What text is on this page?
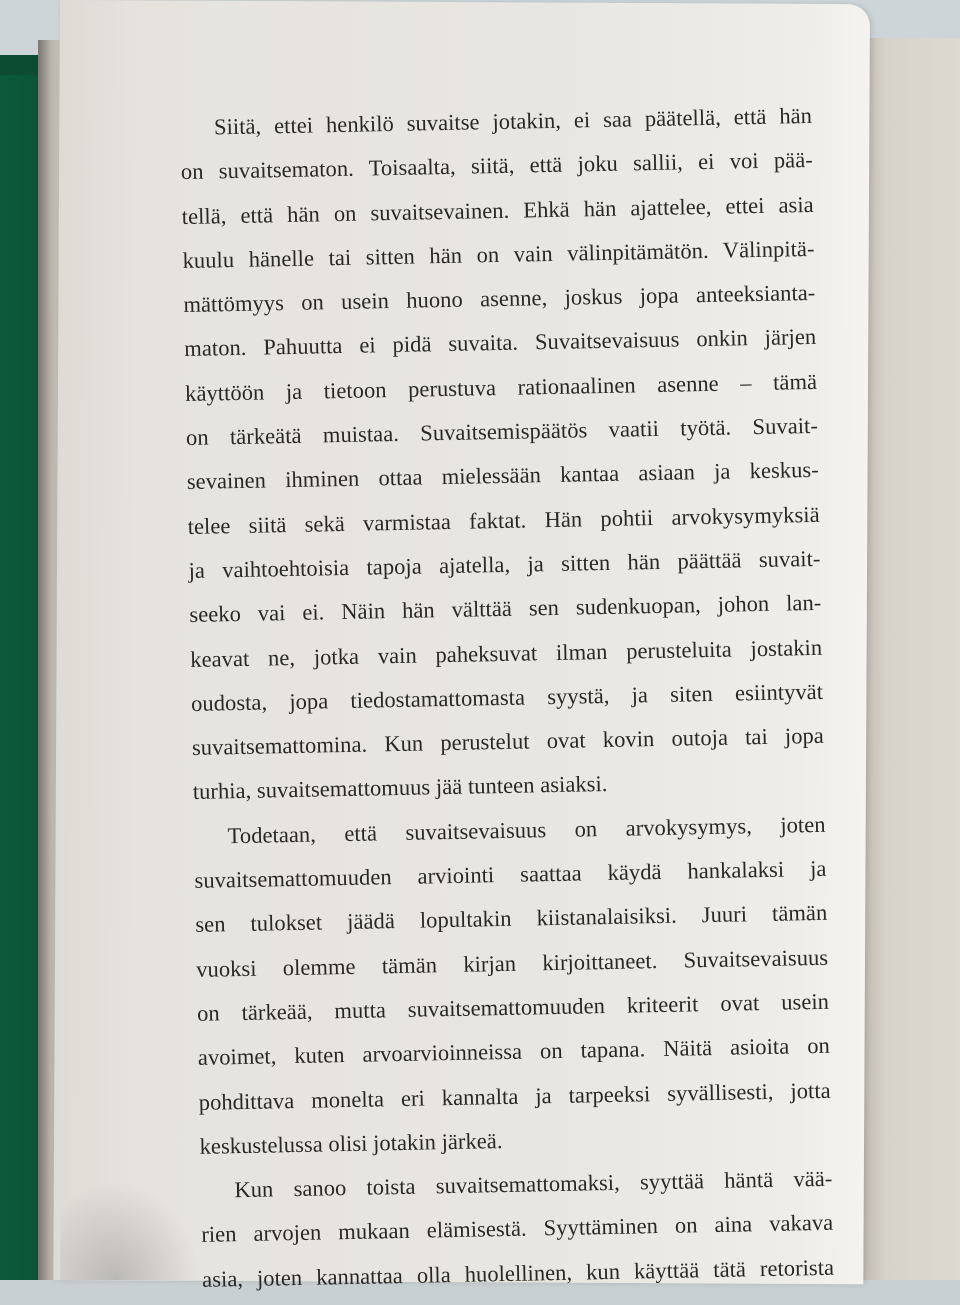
Siitä, ettei henkilö suvaitse jotakin, ei saa päätellä, että hän
on suvaitsematon. Toisaalta, siitä, että joku sallii, ei voi pää-
tellä, että hän on suvaitsevainen. Ehkä hän ajattelee, ettei asia
kuulu hänelle tai sitten hän on vain välinpitämätön. Välinpitä-
mättömyys on usein huono asenne, joskus jopa anteeksianta-
maton. Pahuutta ei pidä suvaita. Suvaitsevaisuus onkin järjen
käyttöön ja tietoon perustuva rationaalinen asenne – tämä
on tärkeätä muistaa. Suvaitsemispäätös vaatii työtä. Suvait-
sevainen ihminen ottaa mielessään kantaa asiaan ja keskus-
telee siitä sekä varmistaa faktat. Hän pohtii arvokysymyksiä
ja vaihtoehtoisia tapoja ajatella, ja sitten hän päättää suvait-
seeko vai ei. Näin hän välttää sen sudenkuopan, johon lan-
keavat ne, jotka vain paheksuvat ilman perusteluita jostakin
oudosta, jopa tiedostamattomasta syystä, ja siten esiintyvät
suvaitsemattomina. Kun perustelut ovat kovin outoja tai jopa
turhia, suvaitsemattomuus jää tunteen asiaksi.
Todetaan, että suvaitsevaisuus on arvokysymys, joten
suvaitsemattomuuden arviointi saattaa käydä hankalaksi ja
sen tulokset jäädä lopultakin kiistanalaisiksi. Juuri tämän
vuoksi olemme tämän kirjan kirjoittaneet. Suvaitsevaisuus
on tärkeää, mutta suvaitsemattomuuden kriteerit ovat usein
avoimet, kuten arvoarvioinneissa on tapana. Näitä asioita on
pohdittava monelta eri kannalta ja tarpeeksi syvällisesti, jotta
keskustelussa olisi jotakin järkeä.
Kun sanoo toista suvaitsemattomaksi, syyttää häntä vää-
rien arvojen mukaan elämisestä. Syyttäminen on aina vakava
asia, joten kannattaa olla huolellinen, kun käyttää tätä retorista
